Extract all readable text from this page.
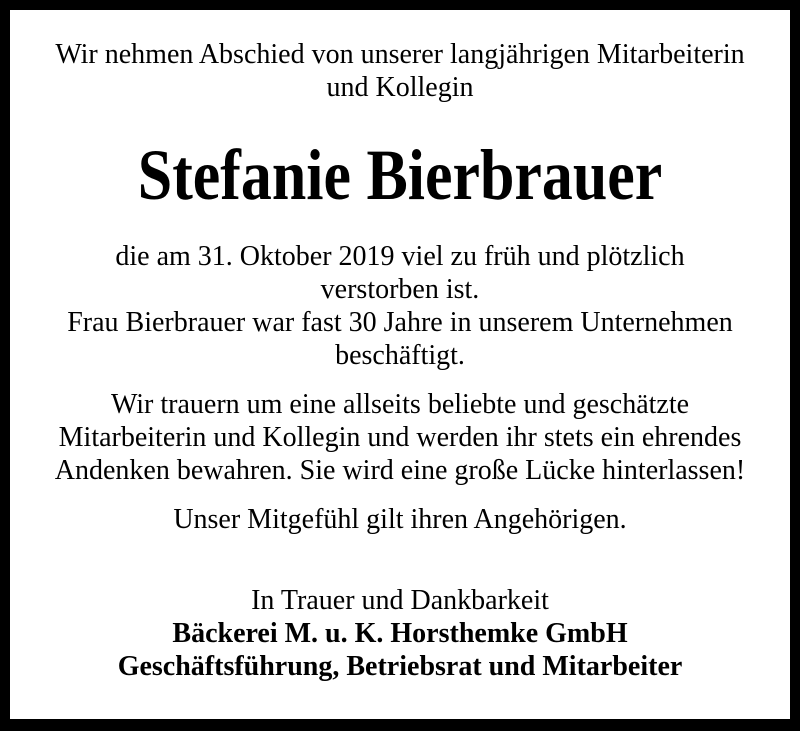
Wir nehmen Abschied von unserer langjährigen Mitarbeiterin
und Kollegin
Stefanie Bierbrauer
die am 31. Oktober 2019 viel zu früh und plötzlich
verstorben ist.
Frau Bierbrauer war fast 30 Jahre in unserem Unternehmen
beschäftigt.
Wir trauern um eine allseits beliebte und geschätzte
Mitarbeiterin und Kollegin und werden ihr stets ein ehrendes
Andenken bewahren. Sie wird eine große Lücke hinterlassen!
Unser Mitgefühl gilt ihren Angehörigen.
In Trauer und Dankbarkeit
Bäckerei M. u. K. Horsthemke GmbH
Geschäftsführung, Betriebsrat und Mitarbeiter
